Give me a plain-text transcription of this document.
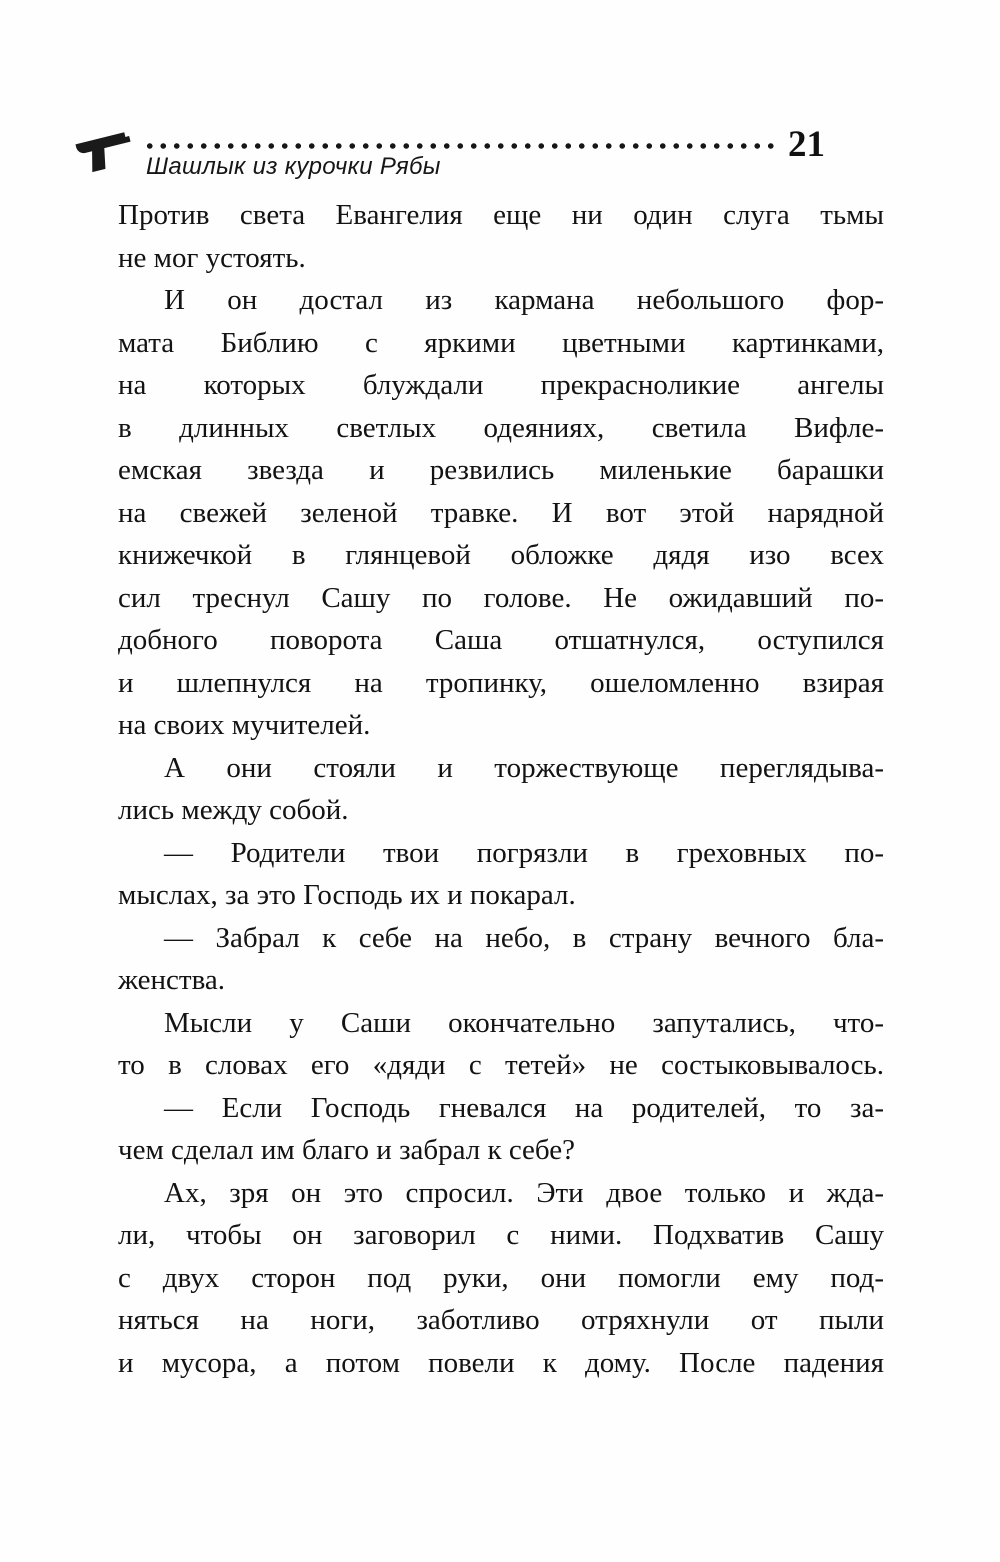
21
Шашлык из курочки Рябы
Против света Евангелия еще ни один слуга тьмы
не мог устоять.
И он достал из кармана небольшого фор-
мата Библию с яркими цветными картинками,
на которых блуждали прекрасноликие ангелы
в длинных светлых одеяниях, светила Вифле-
емская звезда и резвились миленькие барашки
на свежей зеленой травке. И вот этой нарядной
книжечкой в глянцевой обложке дядя изо всех
сил треснул Сашу по голове. Не ожидавший по-
добного поворота Саша отшатнулся, оступился
и шлепнулся на тропинку, ошеломленно взирая
на своих мучителей.
А они стояли и торжествующе переглядыва-
лись между собой.
— Родители твои погрязли в греховных по-
мыслах, за это Господь их и покарал.
— Забрал к себе на небо, в страну вечного бла-
женства.
Мысли у Саши окончательно запутались, что-
то в словах его «дяди с тетей» не состыковывалось.
— Если Господь гневался на родителей, то за-
чем сделал им благо и забрал к себе?
Ах, зря он это спросил. Эти двое только и жда-
ли, чтобы он заговорил с ними. Подхватив Сашу
с двух сторон под руки, они помогли ему под-
няться на ноги, заботливо отряхнули от пыли
и мусора, а потом повели к дому. После падения
